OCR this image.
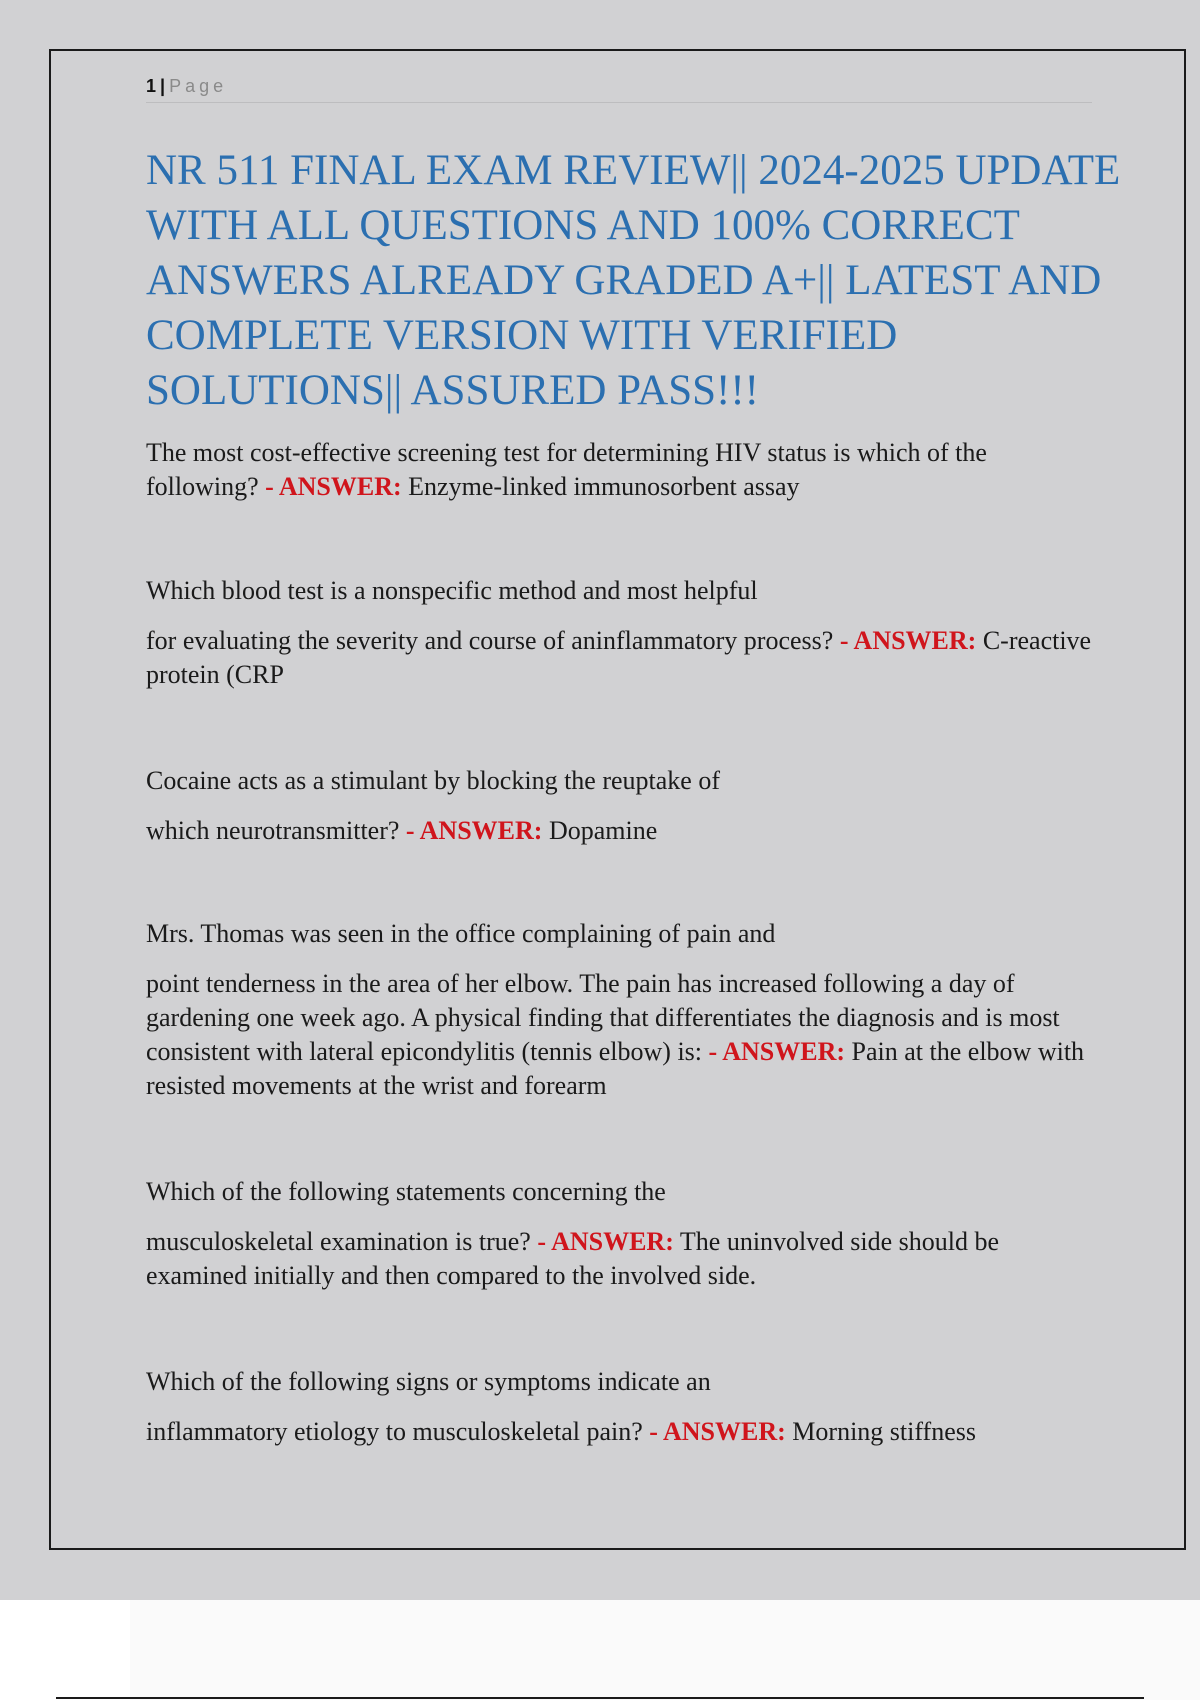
1 | Page
NR 511 FINAL EXAM REVIEW|| 2024-2025 UPDATE WITH ALL QUESTIONS AND 100% CORRECT ANSWERS ALREADY GRADED A+|| LATEST AND COMPLETE VERSION WITH VERIFIED SOLUTIONS|| ASSURED PASS!!!

The most cost-effective screening test for determining HIV status is which of the following? - ANSWER: Enzyme-linked immunosorbent assay

Which blood test is a nonspecific method and most helpful

for evaluating the severity and course of aninflammatory process? - ANSWER: C-reactive protein (CRP

Cocaine acts as a stimulant by blocking the reuptake of

which neurotransmitter? - ANSWER: Dopamine

Mrs. Thomas was seen in the office complaining of pain and

point tenderness in the area of her elbow. The pain has increased following a day of gardening one week ago. A physical finding that differentiates the diagnosis and is most consistent with lateral epicondylitis (tennis elbow) is: - ANSWER: Pain at the elbow with resisted movements at the wrist and forearm

Which of the following statements concerning the

musculoskeletal examination is true? - ANSWER: The uninvolved side should be examined initially and then compared to the involved side.

Which of the following signs or symptoms indicate an

inflammatory etiology to musculoskeletal pain? - ANSWER: Morning stiffness
